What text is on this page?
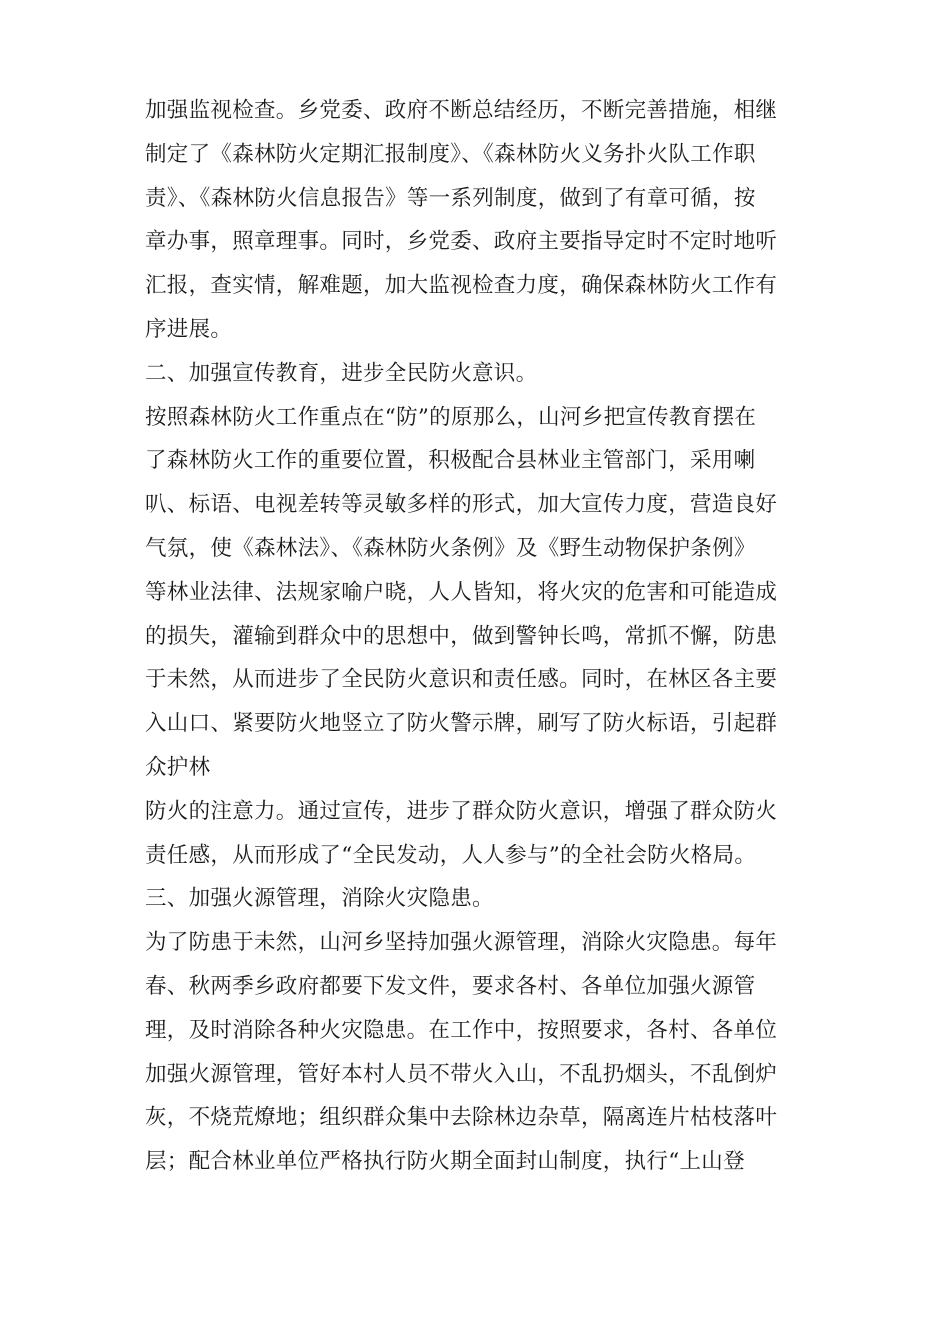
加强监视检查。乡党委、政府不断总结经历，不断完善措施，相继
制定了《森林防火定期汇报制度》、《森林防火义务扑火队工作职
责》、《森林防火信息报告》等一系列制度，做到了有章可循，按
章办事，照章理事。同时，乡党委、政府主要指导定时不定时地听
汇报，查实情，解难题，加大监视检查力度，确保森林防火工作有
序进展。
二、加强宣传教育，进步全民防火意识。
按照森林防火工作重点在“防”的原那么，山河乡把宣传教育摆在
了森林防火工作的重要位置，积极配合县林业主管部门，采用喇
叭、标语、电视差转等灵敏多样的形式，加大宣传力度，营造良好
气氛，使《森林法》、《森林防火条例》及《野生动物保护条例》
等林业法律、法规家喻户晓，人人皆知，将火灾的危害和可能造成
的损失，灌输到群众中的思想中，做到警钟长鸣，常抓不懈，防患
于未然，从而进步了全民防火意识和责任感。同时，在林区各主要
入山口、紧要防火地竖立了防火警示牌，刷写了防火标语，引起群
众护林
防火的注意力。通过宣传，进步了群众防火意识，增强了群众防火
责任感，从而形成了“全民发动，人人参与”的全社会防火格局。
三、加强火源管理，消除火灾隐患。
为了防患于未然，山河乡坚持加强火源管理，消除火灾隐患。每年
春、秋两季乡政府都要下发文件，要求各村、各单位加强火源管
理，及时消除各种火灾隐患。在工作中，按照要求，各村、各单位
加强火源管理，管好本村人员不带火入山，不乱扔烟头，不乱倒炉
灰，不烧荒燎地；组织群众集中去除林边杂草，隔离连片枯枝落叶
层；配合林业单位严格执行防火期全面封山制度，执行“上山登
